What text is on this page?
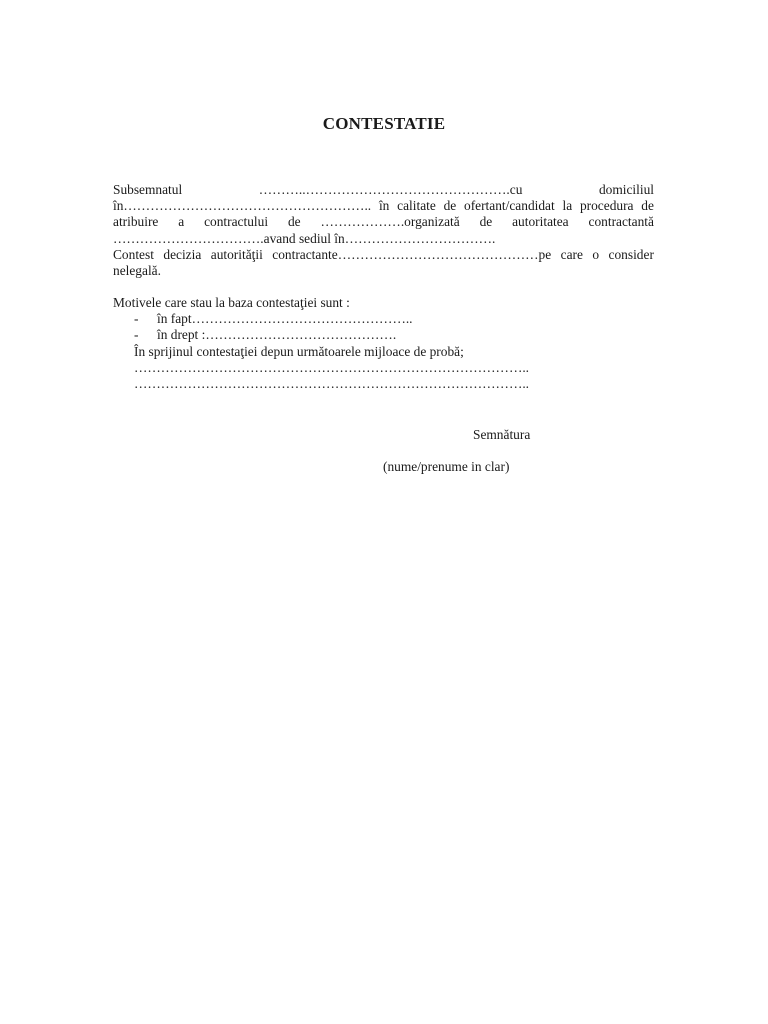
CONTESTATIE
Subsemnatul	………..……………………………………….cu	domiciliul
în……………………………………………….. în calitate de ofertant/candidat la procedura de
atribuire a contractului de ……………….organizată de autoritatea contractantă
…………………………….avand sediul în…………………………….
Contest decizia autorităţii contractante………………………………………pe care o consider
nelegală.
Motivele care stau la baza contestaţiei sunt :
- în fapt…………………………………………..
- în drept :…………………………………….
În sprijinul contestaţiei depun următoarele mijloace de probă;
……………………………………………………………………………..
……………………………………………………………………………..
Semnătura
(nume/prenume in clar)
